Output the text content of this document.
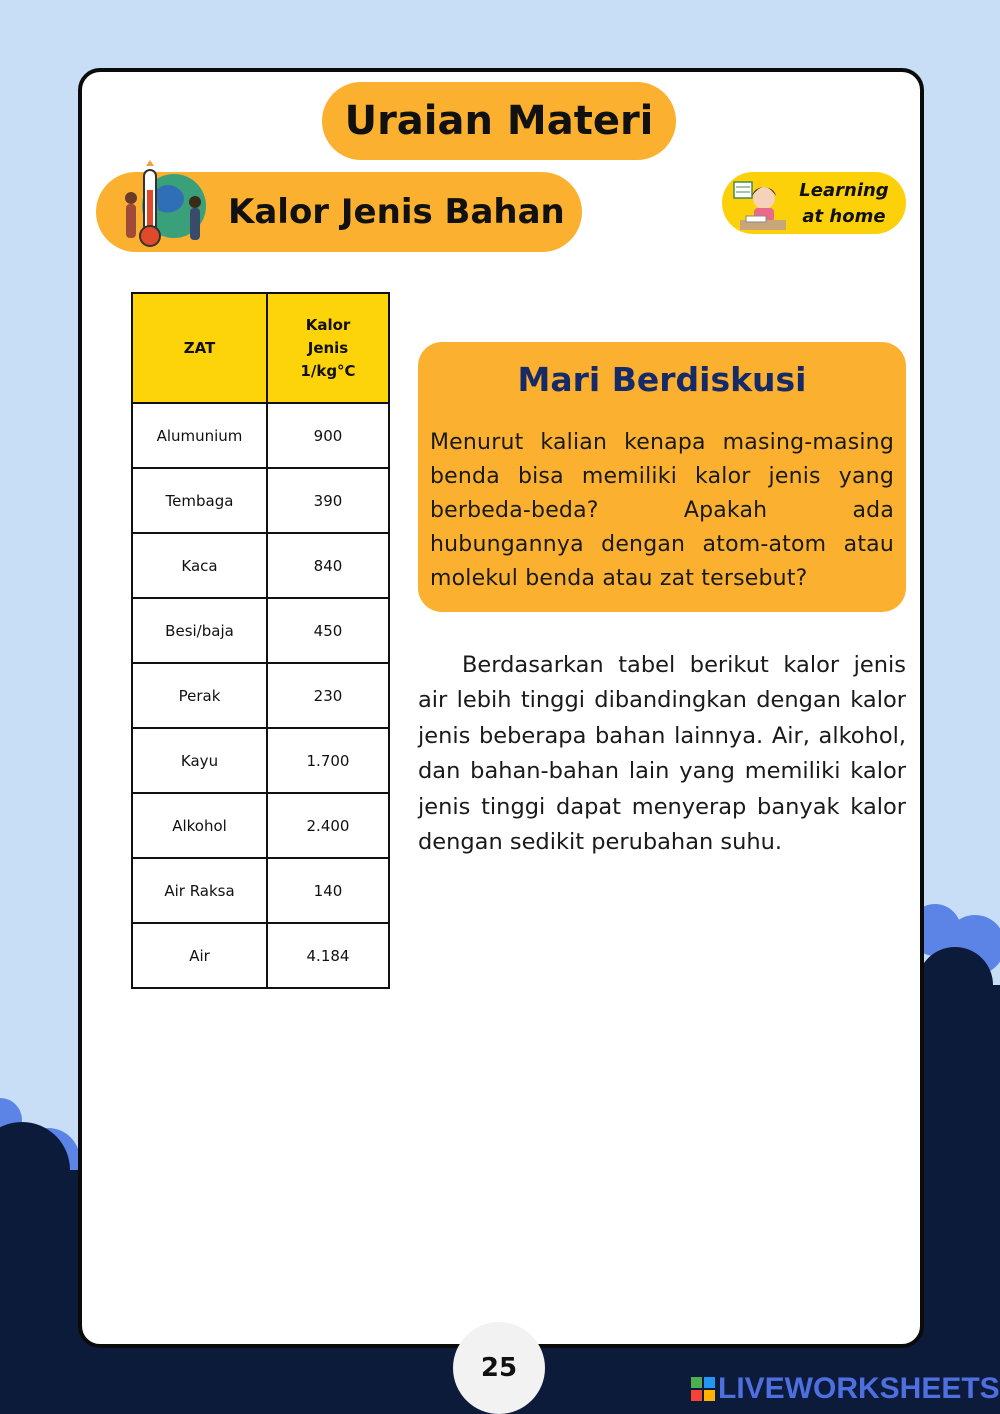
Uraian Materi
Kalor Jenis Bahan
Learning
at home
ZAT	Kalor Jenis 1/kg°C

Alumunium	900
Tembaga	390
Kaca	840
Besi/baja	450
Perak	230
Kayu	1.700
Alkohol	2.400
Air Raksa	140
Air	4.184
Mari Berdiskusi
Menurut kalian kenapa masing-masing benda bisa memiliki kalor jenis yang berbeda-beda? Apakah ada hubungannya dengan atom-atom atau molekul benda atau zat tersebut?
Berdasarkan tabel berikut kalor jenis air lebih tinggi dibandingkan dengan kalor jenis beberapa bahan lainnya. Air, alkohol, dan bahan-bahan lain yang memiliki kalor jenis tinggi dapat menyerap banyak kalor dengan sedikit perubahan suhu.
25
LIVEWORKSHEETS
